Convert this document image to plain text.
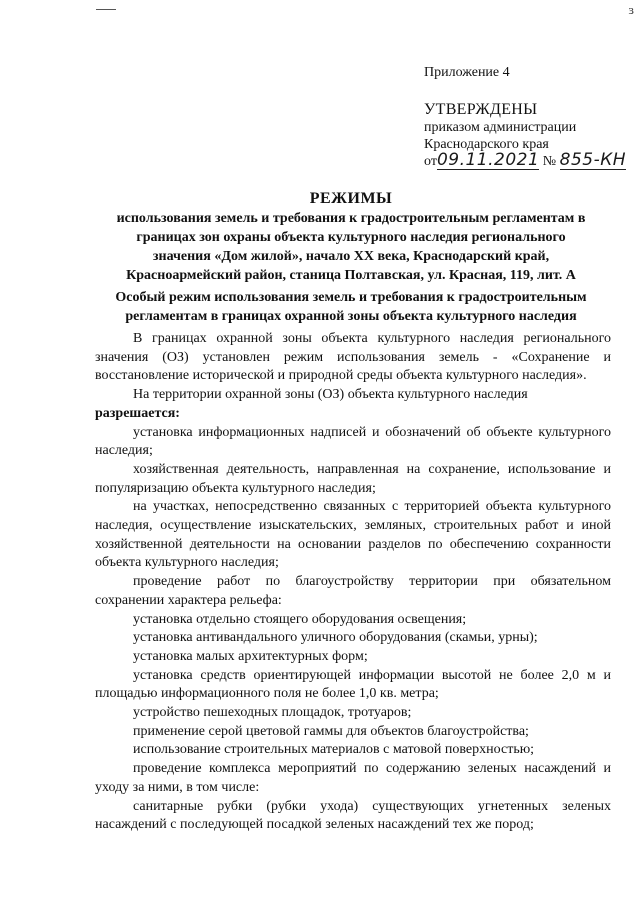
ɜ
Приложение 4
УТВЕРЖДЕНЫ
приказом администрации
Краснодарского края
от09.11.2021 № 855-КН
РЕЖИМЫ
использования земель и требования к градостроительным регламентам в
границах зон охраны объекта культурного наследия регионального
значения «Дом жилой», начало XX века, Краснодарский край,
Красноармейский район, станица Полтавская, ул. Красная, 119, лит. А
Особый режим использования земель и требования к градостроительным
регламентам в границах охранной зоны объекта культурного наследия

В границах охранной зоны объекта культурного наследия регионального значения (ОЗ) установлен режим использования земель - «Сохранение и восстановление исторической и природной среды объекта культурного наследия».

На территории охранной зоны (ОЗ) объекта культурного наследия
разрешается:

установка информационных надписей и обозначений об объекте культурного наследия;

хозяйственная деятельность, направленная на сохранение, использование и популяризацию объекта культурного наследия;

на участках, непосредственно связанных с территорией объекта культурного наследия, осуществление изыскательских, земляных, строительных работ и иной хозяйственной деятельности на основании разделов по обеспечению сохранности объекта культурного наследия;

проведение работ по благоустройству территории при обязательном сохранении характера рельефа:

установка отдельно стоящего оборудования освещения;

установка антивандального уличного оборудования (скамьи, урны);

установка малых архитектурных форм;

установка средств ориентирующей информации высотой не более 2,0 м и площадью информационного поля не более 1,0 кв. метра;

устройство пешеходных площадок, тротуаров;

применение серой цветовой гаммы для объектов благоустройства;

использование строительных материалов с матовой поверхностью;

проведение комплекса мероприятий по содержанию зеленых насаждений и уходу за ними, в том числе:

санитарные рубки (рубки ухода) существующих угнетенных зеленых насаждений с последующей посадкой зеленых насаждений тех же пород;
